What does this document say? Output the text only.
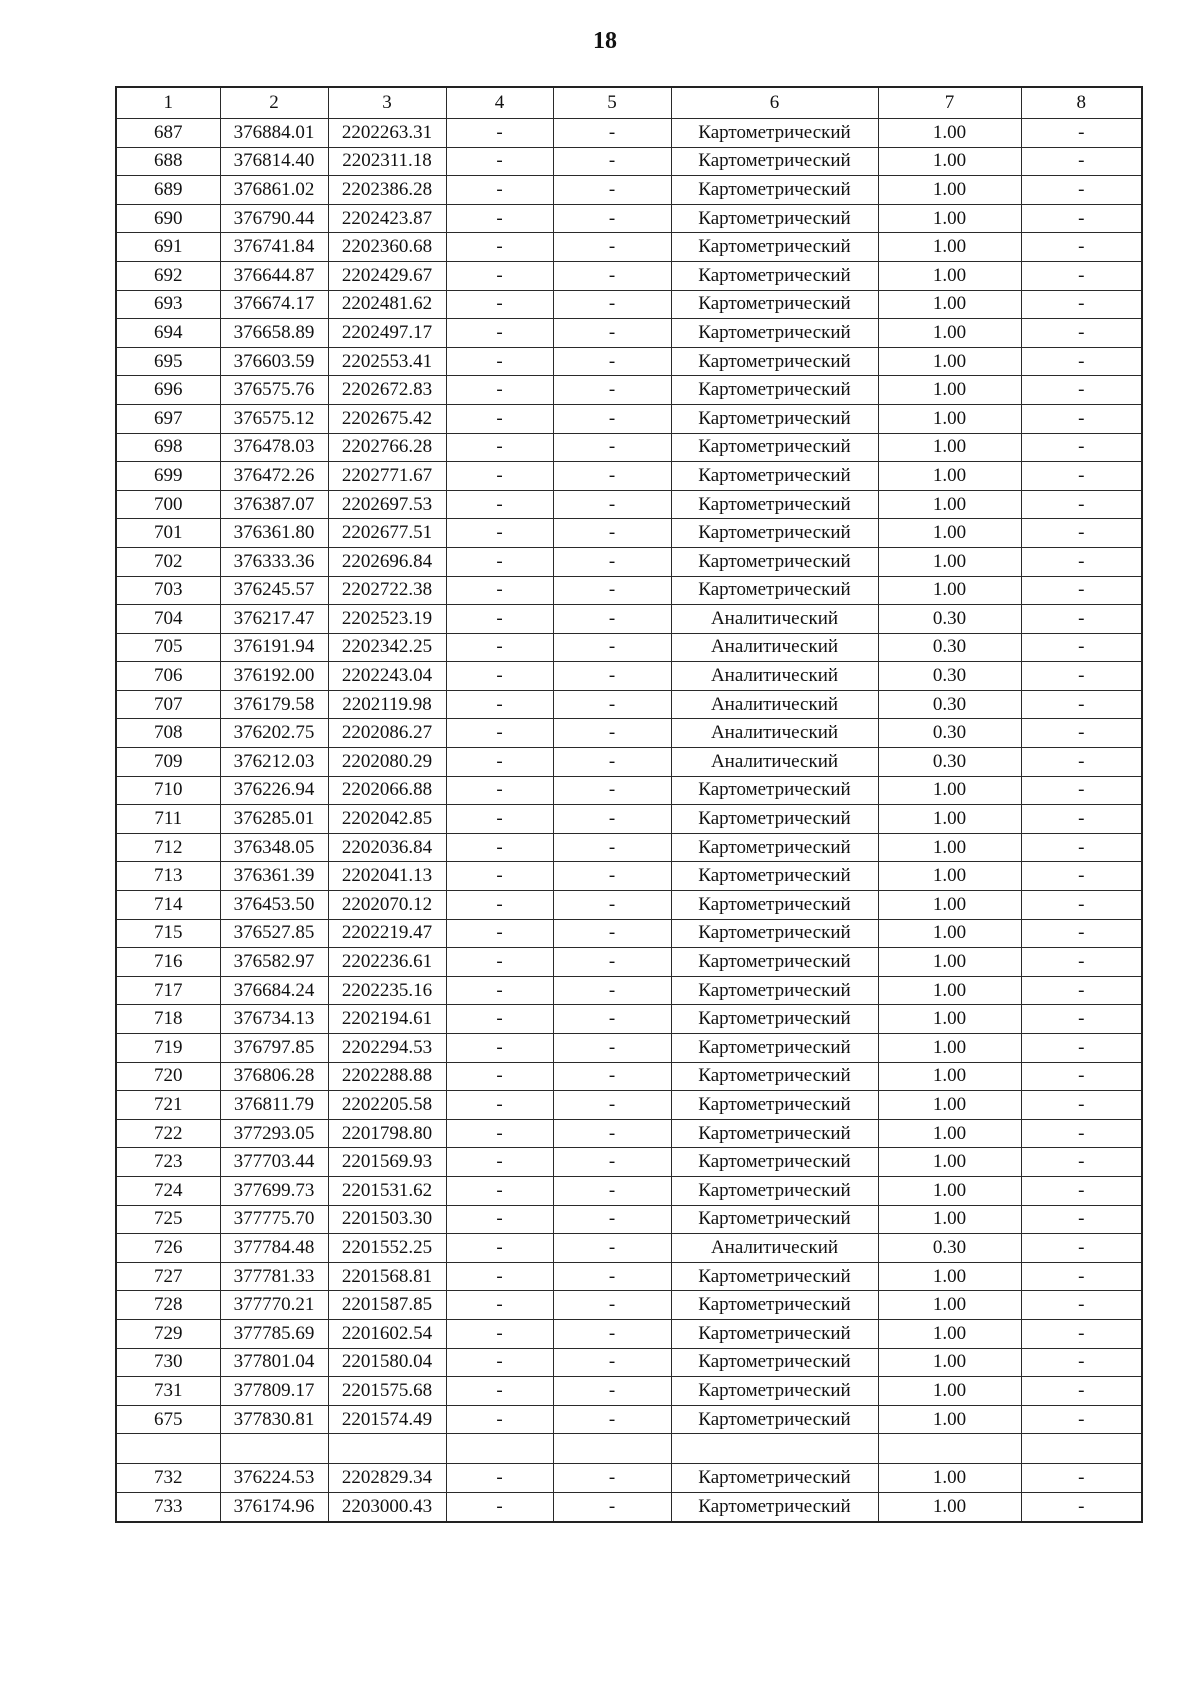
18
1	2	3	4	5	6	7	8
687	376884.01	2202263.31	-	-	Картометрический	1.00	-
688	376814.40	2202311.18	-	-	Картометрический	1.00	-
689	376861.02	2202386.28	-	-	Картометрический	1.00	-
690	376790.44	2202423.87	-	-	Картометрический	1.00	-
691	376741.84	2202360.68	-	-	Картометрический	1.00	-
692	376644.87	2202429.67	-	-	Картометрический	1.00	-
693	376674.17	2202481.62	-	-	Картометрический	1.00	-
694	376658.89	2202497.17	-	-	Картометрический	1.00	-
695	376603.59	2202553.41	-	-	Картометрический	1.00	-
696	376575.76	2202672.83	-	-	Картометрический	1.00	-
697	376575.12	2202675.42	-	-	Картометрический	1.00	-
698	376478.03	2202766.28	-	-	Картометрический	1.00	-
699	376472.26	2202771.67	-	-	Картометрический	1.00	-
700	376387.07	2202697.53	-	-	Картометрический	1.00	-
701	376361.80	2202677.51	-	-	Картометрический	1.00	-
702	376333.36	2202696.84	-	-	Картометрический	1.00	-
703	376245.57	2202722.38	-	-	Картометрический	1.00	-
704	376217.47	2202523.19	-	-	Аналитический	0.30	-
705	376191.94	2202342.25	-	-	Аналитический	0.30	-
706	376192.00	2202243.04	-	-	Аналитический	0.30	-
707	376179.58	2202119.98	-	-	Аналитический	0.30	-
708	376202.75	2202086.27	-	-	Аналитический	0.30	-
709	376212.03	2202080.29	-	-	Аналитический	0.30	-
710	376226.94	2202066.88	-	-	Картометрический	1.00	-
711	376285.01	2202042.85	-	-	Картометрический	1.00	-
712	376348.05	2202036.84	-	-	Картометрический	1.00	-
713	376361.39	2202041.13	-	-	Картометрический	1.00	-
714	376453.50	2202070.12	-	-	Картометрический	1.00	-
715	376527.85	2202219.47	-	-	Картометрический	1.00	-
716	376582.97	2202236.61	-	-	Картометрический	1.00	-
717	376684.24	2202235.16	-	-	Картометрический	1.00	-
718	376734.13	2202194.61	-	-	Картометрический	1.00	-
719	376797.85	2202294.53	-	-	Картометрический	1.00	-
720	376806.28	2202288.88	-	-	Картометрический	1.00	-
721	376811.79	2202205.58	-	-	Картометрический	1.00	-
722	377293.05	2201798.80	-	-	Картометрический	1.00	-
723	377703.44	2201569.93	-	-	Картометрический	1.00	-
724	377699.73	2201531.62	-	-	Картометрический	1.00	-
725	377775.70	2201503.30	-	-	Картометрический	1.00	-
726	377784.48	2201552.25	-	-	Аналитический	0.30	-
727	377781.33	2201568.81	-	-	Картометрический	1.00	-
728	377770.21	2201587.85	-	-	Картометрический	1.00	-
729	377785.69	2201602.54	-	-	Картометрический	1.00	-
730	377801.04	2201580.04	-	-	Картометрический	1.00	-
731	377809.17	2201575.68	-	-	Картометрический	1.00	-
675	377830.81	2201574.49	-	-	Картометрический	1.00	-

732	376224.53	2202829.34	-	-	Картометрический	1.00	-
733	376174.96	2203000.43	-	-	Картометрический	1.00	-
